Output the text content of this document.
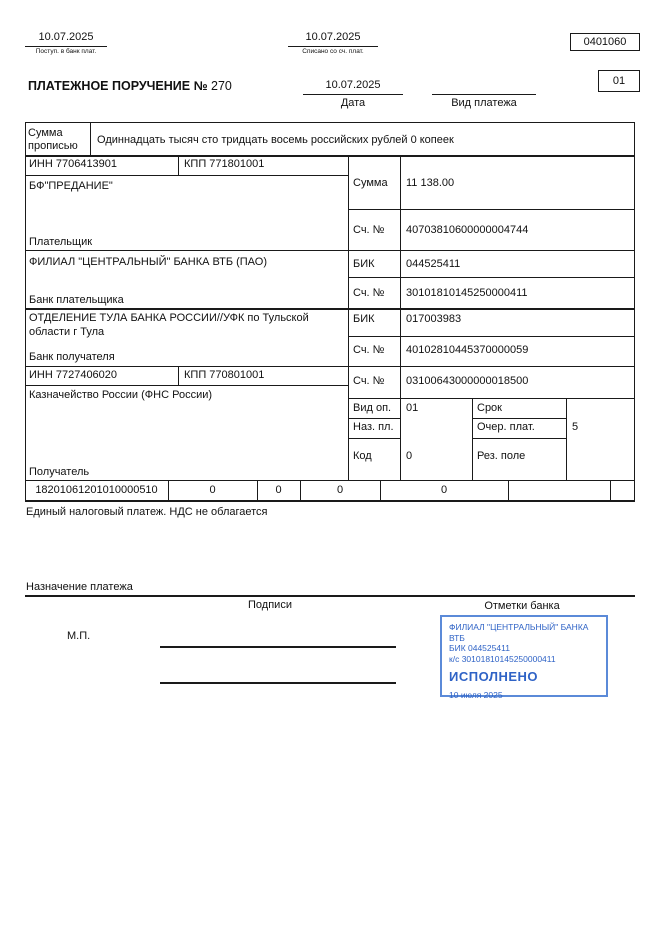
10.07.2025
Поступ. в банк плат.
10.07.2025
Списано со сч. плат.
0401060
ПЛАТЕЖНОЕ ПОРУЧЕНИЕ № 270	10.07.2025
Дата	Вид платежа
01
Сумма прописью	Одиннадцать тысяч сто тридцать восемь российских рублей 0 копеек
ИНН 7706413901	КПП 771801001
БФ"ПРЕДАНИЕ"
Плательщик
Сумма 11 138.00
Сч. № 40703810600000004744
ФИЛИАЛ "ЦЕНТРАЛЬНЫЙ" БАНКА ВТБ (ПАО)
Банк плательщика
БИК	044525411
Сч. № 30101810145250000411
ОТДЕЛЕНИЕ ТУЛА БАНКА РОССИИ//УФК по Тульской области г Тула
Банк получателя
БИК	017003983
Сч. № 40102810445370000059
ИНН 7727406020	КПП 770801001
Казначейство России (ФНС России)
Получатель
Сч. № 03100643000000018500
Вид оп. 01	Срок
Наз. пл.	Очер. плат.	5
Код	0	Рез. поле
18201061201010000510	0	0	0	0
Единый налоговый платеж. НДС не облагается
Назначение платежа
Подписи	Отметки банка
М.П.
ФИЛИАЛ "ЦЕНТРАЛЬНЫЙ" БАНКА ВТБ
БИК 044525411
к/с 30101810145250000411
ИСПОЛНЕНО
10 июля 2025
